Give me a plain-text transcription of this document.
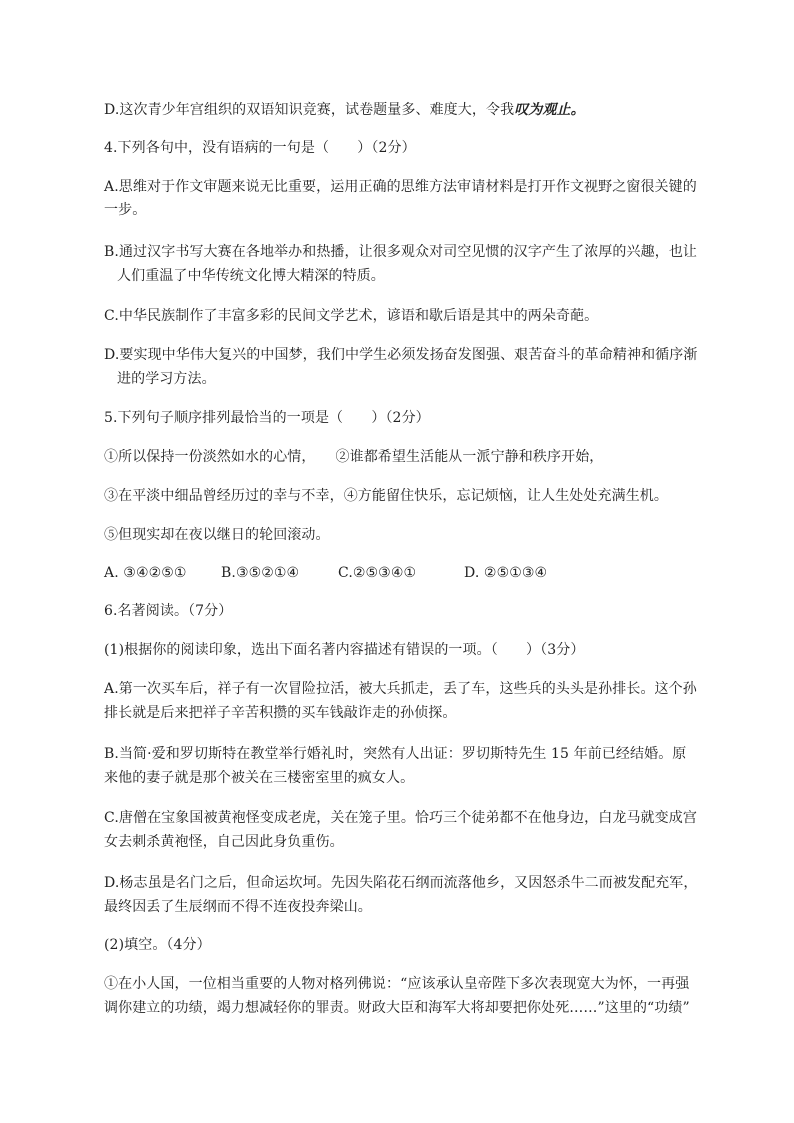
D.这次青少年宫组织的双语知识竞赛，试卷题量多、难度大，令我叹为观止。
4.下列各句中，没有语病的一句是（　　）（2分）
A.思维对于作文审题来说无比重要，运用正确的思维方法审请材料是打开作文视野之窗很关键的
一步。
B.通过汉字书写大赛在各地举办和热播，让很多观众对司空见惯的汉字产生了浓厚的兴趣，也让
人们重温了中华传统文化博大精深的特质。
C.中华民族制作了丰富多彩的民间文学艺术，谚语和歇后语是其中的两朵奇葩。
D.要实现中华伟大复兴的中国梦，我们中学生必须发扬奋发图强、艰苦奋斗的革命精神和循序渐
进的学习方法。
5.下列句子顺序排列最恰当的一项是（　　）（2分）
①所以保持一份淡然如水的心情， ②谁都希望生活能从一派宁静和秩序开始，
③在平淡中细品曾经历过的幸与不幸，④方能留住快乐，忘记烦恼，让人生处处充满生机。
⑤但现实却在夜以继日的轮回滚动。
A. ③④②⑤① B.③⑤②①④	C.②⑤③④①	D. ②⑤①③④
6.名著阅读。（7分）
(1)根据你的阅读印象，选出下面名著内容描述有错误的一项。（　　）（3分）
A.第一次买车后，祥子有一次冒险拉活，被大兵抓走，丢了车，这些兵的头头是孙排长。这个孙
排长就是后来把祥子辛苦积攒的买车钱敲诈走的孙侦探。
B.当简·爱和罗切斯特在教堂举行婚礼时，突然有人出证：罗切斯特先生 15 年前已经结婚。原
来他的妻子就是那个被关在三楼密室里的疯女人。
C.唐僧在宝象国被黄袍怪变成老虎，关在笼子里。恰巧三个徒弟都不在他身边，白龙马就变成宫
女去刺杀黄袍怪，自己因此身负重伤。
D.杨志虽是名门之后，但命运坎坷。先因失陷花石纲而流落他乡，又因怒杀牛二而被发配充军，
最终因丢了生辰纲而不得不连夜投奔梁山。
(2)填空。（4分）
①在小人国，一位相当重要的人物对格列佛说：“应该承认皇帝陛下多次表现宽大为怀，一再强
调你建立的功绩，竭力想减轻你的罪责。财政大臣和海军大将却要把你处死……”这里的“功绩”
